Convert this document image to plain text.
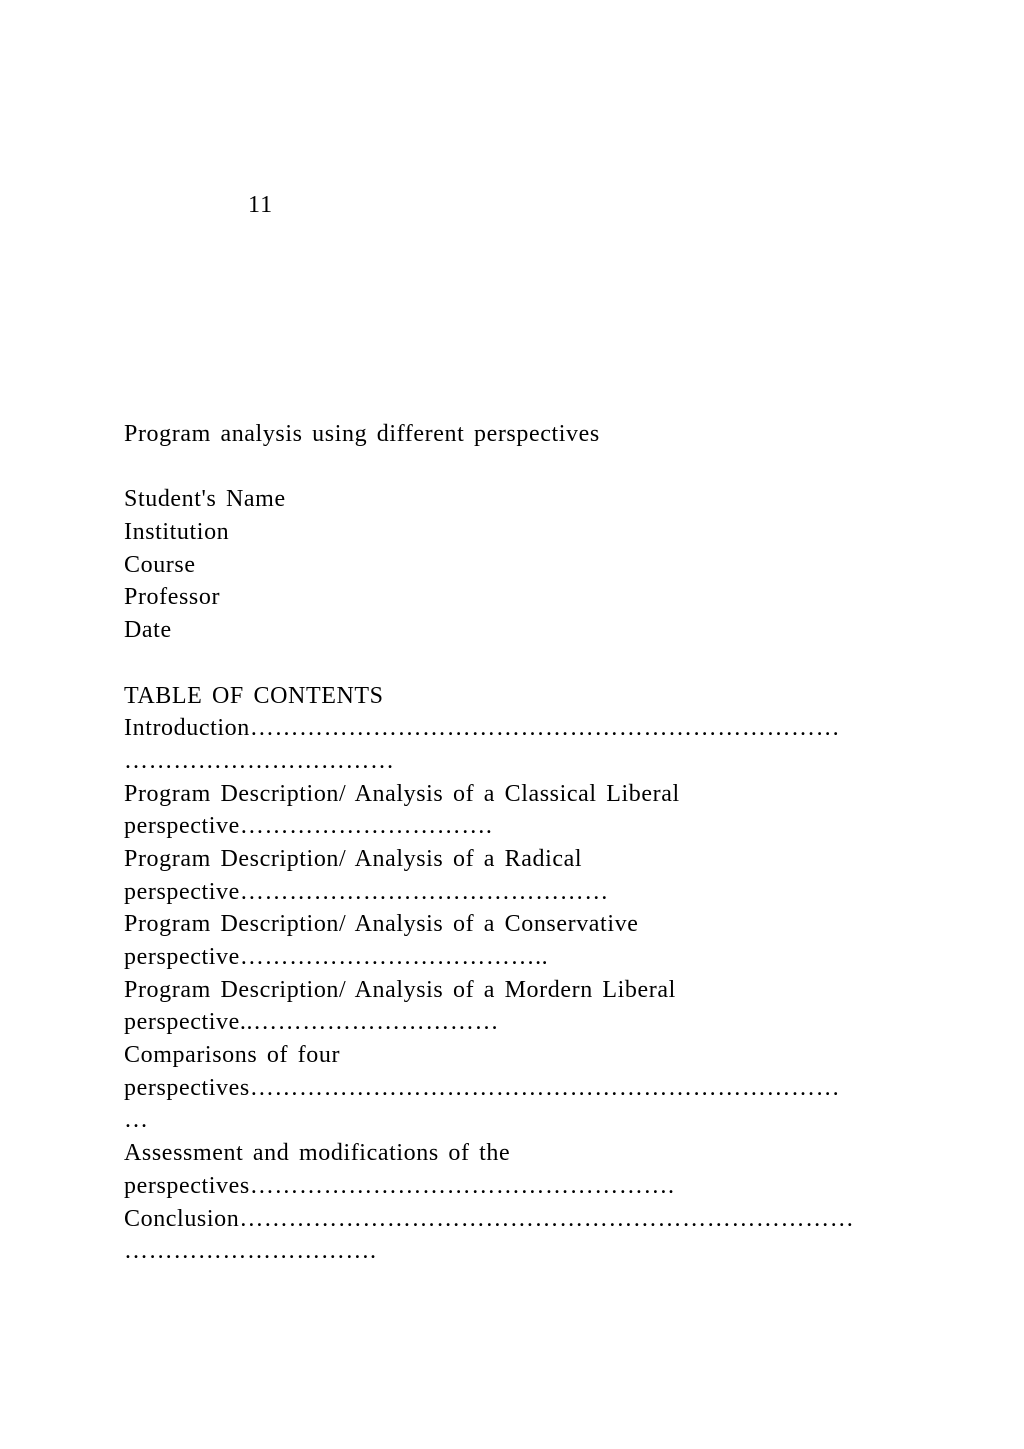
11
Program analysis using different perspectives
Student's Name
Institution
Course
Professor
Date
TABLE OF CONTENTS
Introduction………………………………………………………………
……………………………
Program Description/ Analysis of a Classical Liberal
perspective………………………….
Program Description/ Analysis of a Radical
perspective………………………………………
Program Description/ Analysis of a Conservative
perspective………………………………..
Program Description/ Analysis of a Mordern Liberal
perspective..…………………………
Comparisons of four
perspectives………………………………………………………………
…
Assessment and modifications of the
perspectives…………………………………………….
Conclusion…………………………………………………………………
………………………….
